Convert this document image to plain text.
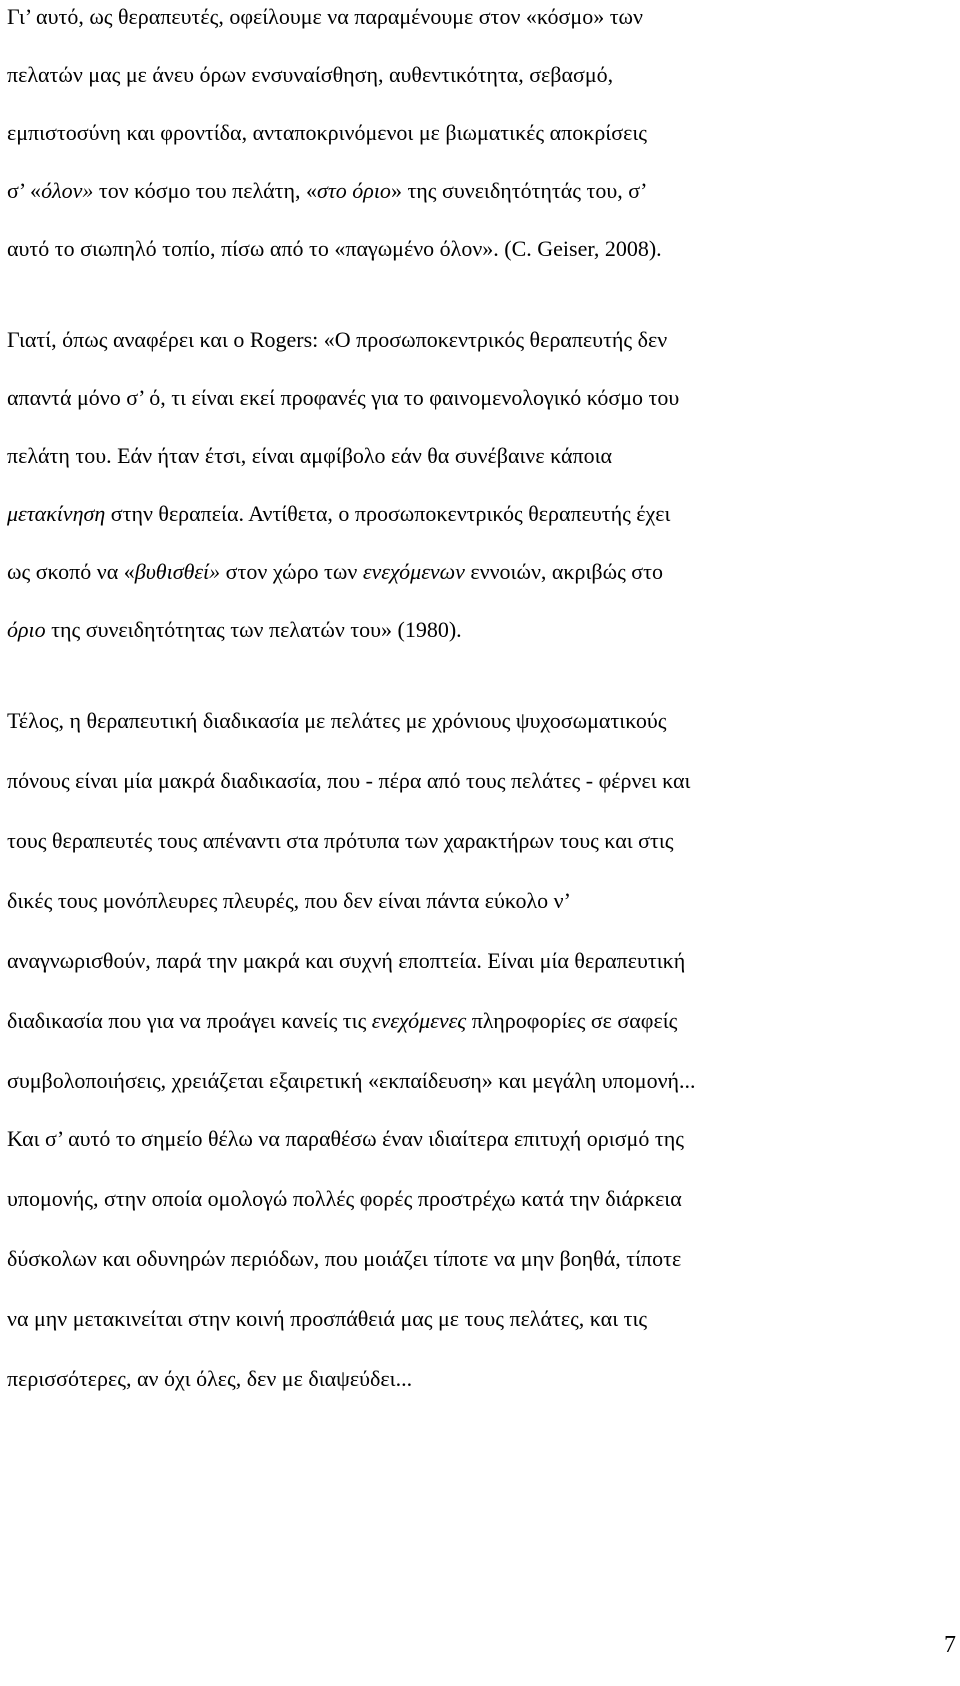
Γι’ αυτό, ως θεραπευτές, οφείλουμε να παραμένουμε στον «κόσμο» των
πελατών μας με άνευ όρων ενσυναίσθηση, αυθεντικότητα, σεβασμό,
εμπιστοσύνη και φροντίδα, ανταποκρινόμενοι με βιωματικές αποκρίσεις
σ’ «όλον» τον κόσμο του πελάτη, «στο όριο» της συνειδητότητάς του, σ’
αυτό το σιωπηλό τοπίο, πίσω από το «παγωμένο όλον». (C. Geiser, 2008).
Γιατί, όπως αναφέρει και ο Rogers: «Ο προσωποκεντρικός θεραπευτής δεν
απαντά μόνο σ’ ό, τι είναι εκεί προφανές για το φαινομενολογικό κόσμο του
πελάτη του. Εάν ήταν έτσι, είναι αμφίβολο εάν θα συνέβαινε κάποια
μετακίνηση στην θεραπεία. Αντίθετα, ο προσωποκεντρικός θεραπευτής έχει
ως σκοπό να «βυθισθεί» στον χώρο των ενεχόμενων εννοιών, ακριβώς στο
όριο της συνειδητότητας των πελατών του» (1980).
Τέλος, η θεραπευτική διαδικασία με πελάτες με χρόνιους ψυχοσωματικούς
πόνους είναι μία μακρά διαδικασία, που - πέρα από τους πελάτες - φέρνει και
τους θεραπευτές τους απέναντι στα πρότυπα των χαρακτήρων τους και στις
δικές τους μονόπλευρες πλευρές, που δεν είναι πάντα εύκολο ν’
αναγνωρισθούν, παρά την μακρά και συχνή εποπτεία. Είναι μία θεραπευτική
διαδικασία που για να προάγει κανείς τις ενεχόμενες πληροφορίες σε σαφείς
συμβολοποιήσεις, χρειάζεται εξαιρετική «εκπαίδευση» και μεγάλη υπομονή...
Και σ’ αυτό το σημείο θέλω να παραθέσω έναν ιδιαίτερα επιτυχή ορισμό της
υπομονής, στην οποία ομολογώ πολλές φορές προστρέχω κατά την διάρκεια
δύσκολων και οδυνηρών περιόδων, που μοιάζει τίποτε να μην βοηθά, τίποτε
να μην μετακινείται στην κοινή προσπάθειά μας με τους πελάτες, και τις
περισσότερες, αν όχι όλες, δεν με διαψεύδει...
7
